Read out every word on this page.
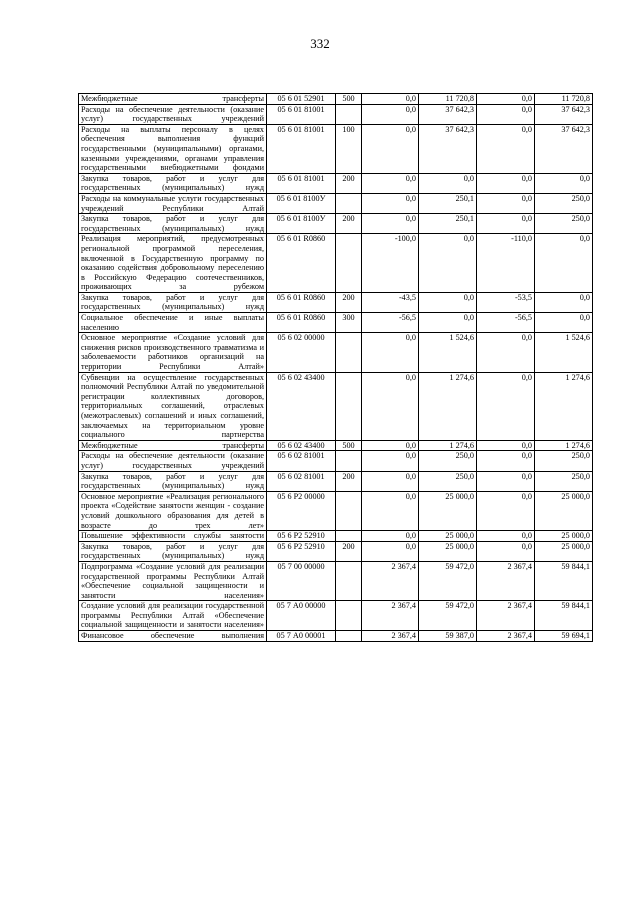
332
Межбюджетные трансферты	05 6 01 52901	500	0,0	11 720,8	0,0	11 720,8
Расходы на обеспечение деятельности (оказание услуг) государственных учреждений	05 6 01 81001		0,0	37 642,3	0,0	37 642,3
Расходы на выплаты персоналу в целях обеспечения выполнения функций государственными (муниципальными) органами, казенными учреждениями, органами управления государственными внебюджетными фондами	05 6 01 81001	100	0,0	37 642,3	0,0	37 642,3
Закупка товаров, работ и услуг для государственных (муниципальных) нужд	05 6 01 81001	200	0,0	0,0	0,0	0,0
Расходы на коммунальные услуги государственных учреждений Республики Алтай	05 6 01 8100У		0,0	250,1	0,0	250,0
Закупка товаров, работ и услуг для государственных (муниципальных) нужд	05 6 01 8100У	200	0,0	250,1	0,0	250,0
Реализация мероприятий, предусмотренных региональной программой переселения, включенной в Государственную программу по оказанию содействия добровольному переселению в Российскую Федерацию соотечественников, проживающих за рубежом	05 6 01 R0860		-100,0	0,0	-110,0	0,0
Закупка товаров, работ и услуг для государственных (муниципальных) нужд	05 6 01 R0860	200	-43,5	0,0	-53,5	0,0
Социальное обеспечение и иные выплаты населению	05 6 01 R0860	300	-56,5	0,0	-56,5	0,0
Основное мероприятие «Создание условий для снижения рисков производственного травматизма и заболеваемости работников организаций на территории Республики Алтай»	05 6 02 00000		0,0	1 524,6	0,0	1 524,6
Субвенции на осуществление государственных полномочий Республики Алтай по уведомительной регистрации коллективных договоров, территориальных соглашений, отраслевых (межотраслевых) соглашений и иных соглашений, заключаемых на территориальном уровне социального партнерства	05 6 02 43400		0,0	1 274,6	0,0	1 274,6
Межбюджетные трансферты	05 6 02 43400	500	0,0	1 274,6	0,0	1 274,6
Расходы на обеспечение деятельности (оказание услуг) государственных учреждений	05 6 02 81001		0,0	250,0	0,0	250,0
Закупка товаров, работ и услуг для государственных (муниципальных) нужд	05 6 02 81001	200	0,0	250,0	0,0	250,0
Основное мероприятие «Реализация регионального проекта «Содействие занятости женщин - создание условий дошкольного образования для детей в возрасте до трех лет»	05 6 P2 00000		0,0	25 000,0	0,0	25 000,0
Повышение эффективности службы занятости	05 6 P2 52910		0,0	25 000,0	0,0	25 000,0
Закупка товаров, работ и услуг для государственных (муниципальных) нужд	05 6 P2 52910	200	0,0	25 000,0	0,0	25 000,0
Подпрограмма «Создание условий для реализации государственной программы Республики Алтай «Обеспечение социальной защищенности и занятости населения»	05 7 00 00000		2 367,4	59 472,0	2 367,4	59 844,1
Создание условий для реализации государственной программы Республики Алтай «Обеспечение социальной защищенности и занятости населения»	05 7 А0 00000		2 367,4	59 472,0	2 367,4	59 844,1
Финансовое обеспечение выполнения	05 7 А0 00001		2 367,4	59 387,0	2 367,4	59 694,1
